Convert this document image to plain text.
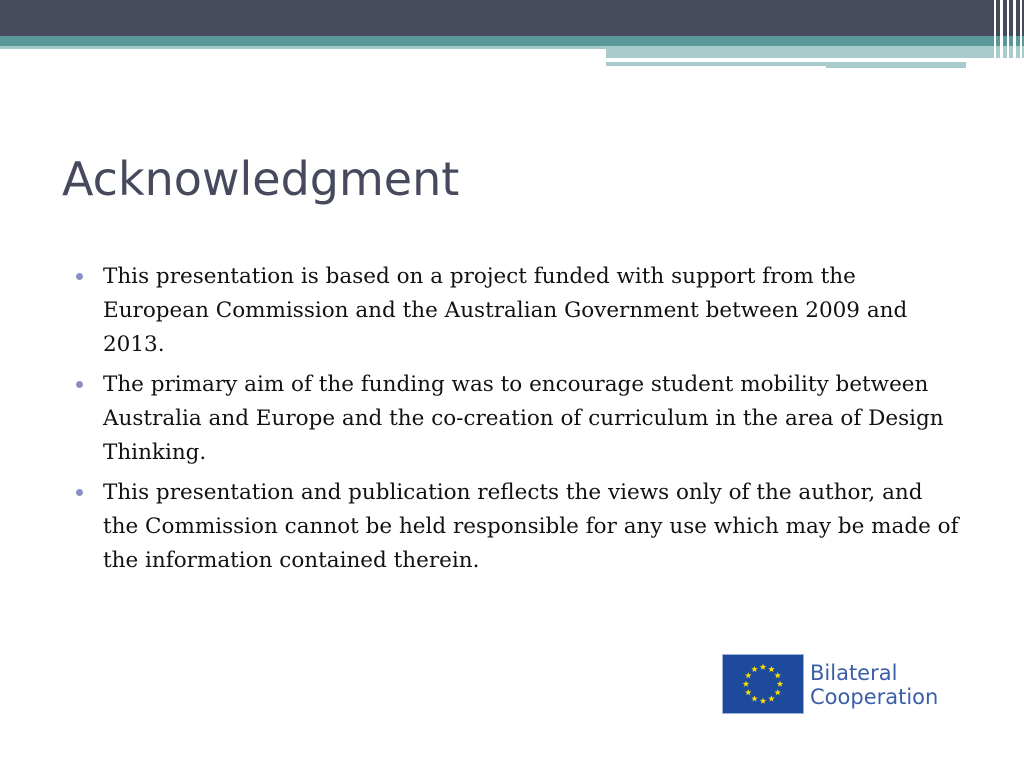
Acknowledgment
This presentation is based on a project funded with support from the European Commission and the Australian Government between 2009 and 2013.
The primary aim of the funding was to encourage student mobility between Australia and Europe and the co-creation of curriculum in the area of Design Thinking.
This presentation and publication reflects the views only of the author, and the Commission cannot be held responsible for any use which may be made of the information contained therein.
Bilateral
Cooperation
